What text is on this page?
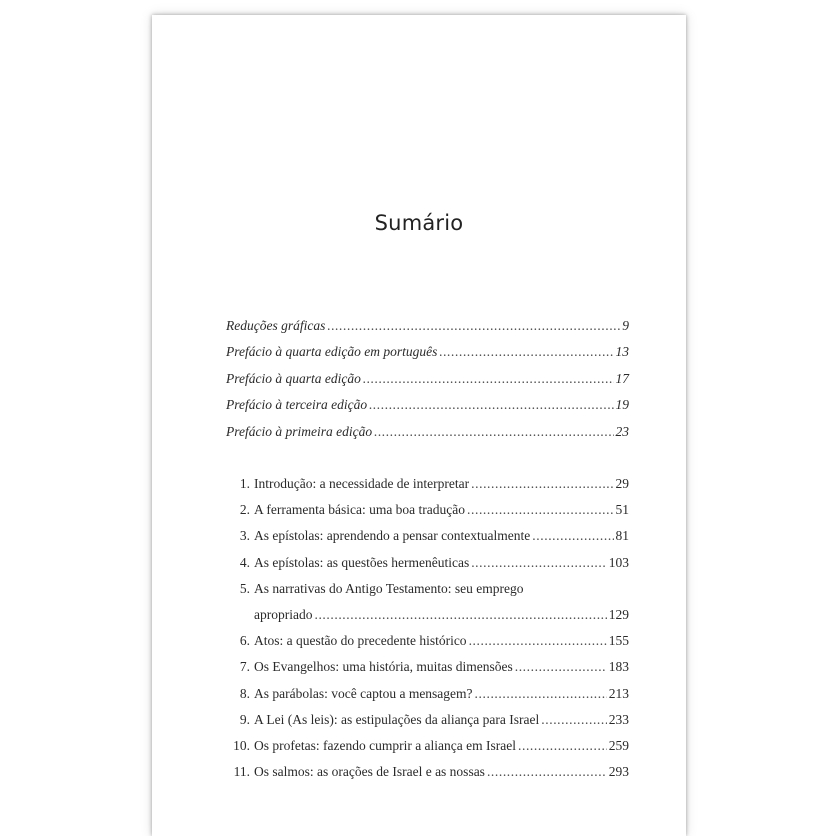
Sumário
Reduções gráficas .....	9
Prefácio à quarta edição em português .....	13
Prefácio à quarta edição .....	17
Prefácio à terceira edição .....	19
Prefácio à primeira edição .....	23
1. Introdução: a necessidade de interpretar .....	29
2. A ferramenta básica: uma boa tradução .....	51
3. As epístolas: aprendendo a pensar contextualmente .....	81
4. As epístolas: as questões hermenêuticas .....	103
5. As narrativas do Antigo Testamento: seu emprego
apropriado .....	129
6. Atos: a questão do precedente histórico .....	155
7. Os Evangelhos: uma história, muitas dimensões .....	183
8. As parábolas: você captou a mensagem? .....	213
9. A Lei (As leis): as estipulações da aliança para Israel .....	233
10. Os profetas: fazendo cumprir a aliança em Israel .....	259
11. Os salmos: as orações de Israel e as nossas .....	293
